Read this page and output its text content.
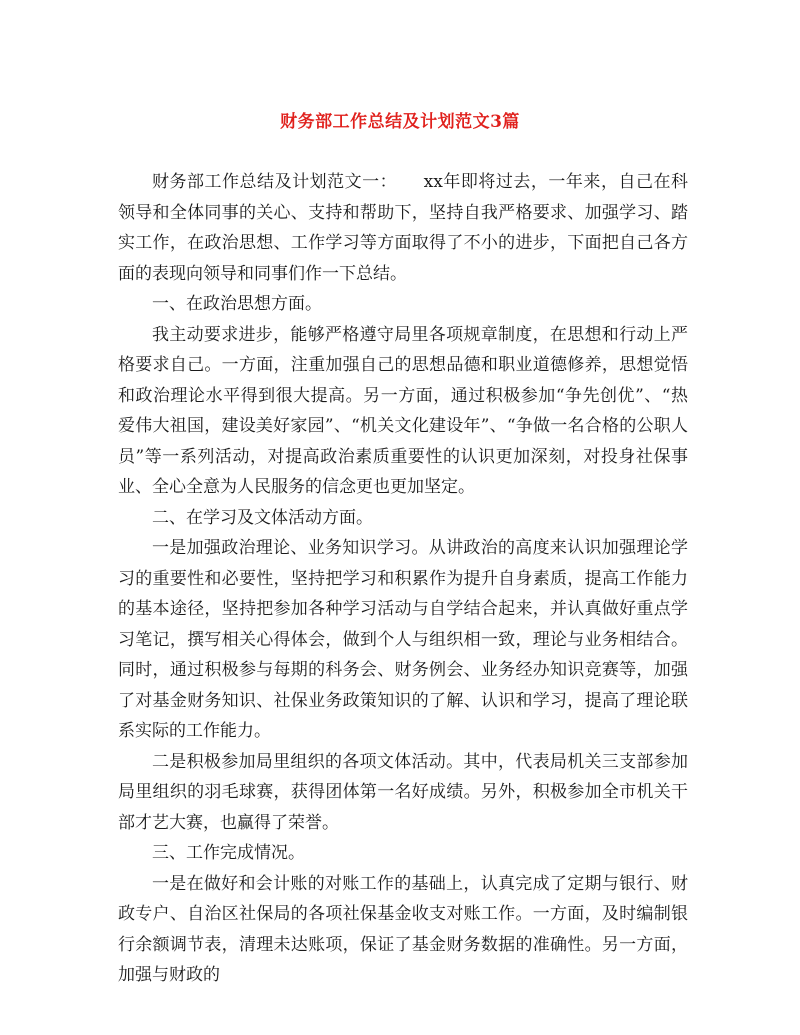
财务部工作总结及计划范文3篇

财务部工作总结及计划范文一：　　xx年即将过去，一年来，自己在科领导和全体同事的关心、支持和帮助下，坚持自我严格要求、加强学习、踏实工作，在政治思想、工作学习等方面取得了不小的进步，下面把自己各方面的表现向领导和同事们作一下总结。

一、在政治思想方面。

我主动要求进步，能够严格遵守局里各项规章制度，在思想和行动上严格要求自己。一方面，注重加强自己的思想品德和职业道德修养，思想觉悟和政治理论水平得到很大提高。另一方面，通过积极参加“争先创优”、“热爱伟大祖国，建设美好家园”、“机关文化建设年”、“争做一名合格的公职人员”等一系列活动，对提高政治素质重要性的认识更加深刻，对投身社保事业、全心全意为人民服务的信念更也更加坚定。

二、在学习及文体活动方面。

一是加强政治理论、业务知识学习。从讲政治的高度来认识加强理论学习的重要性和必要性，坚持把学习和积累作为提升自身素质，提高工作能力的基本途径，坚持把参加各种学习活动与自学结合起来，并认真做好重点学习笔记，撰写相关心得体会，做到个人与组织相一致，理论与业务相结合。同时，通过积极参与每期的科务会、财务例会、业务经办知识竞赛等，加强了对基金财务知识、社保业务政策知识的了解、认识和学习，提高了理论联系实际的工作能力。

二是积极参加局里组织的各项文体活动。其中，代表局机关三支部参加局里组织的羽毛球赛，获得团体第一名好成绩。另外，积极参加全市机关干部才艺大赛，也赢得了荣誉。

三、工作完成情况。

一是在做好和会计账的对账工作的基础上，认真完成了定期与银行、财政专户、自治区社保局的各项社保基金收支对账工作。一方面，及时编制银行余额调节表，清理未达账项，保证了基金财务数据的准确性。另一方面，加强与财政的
